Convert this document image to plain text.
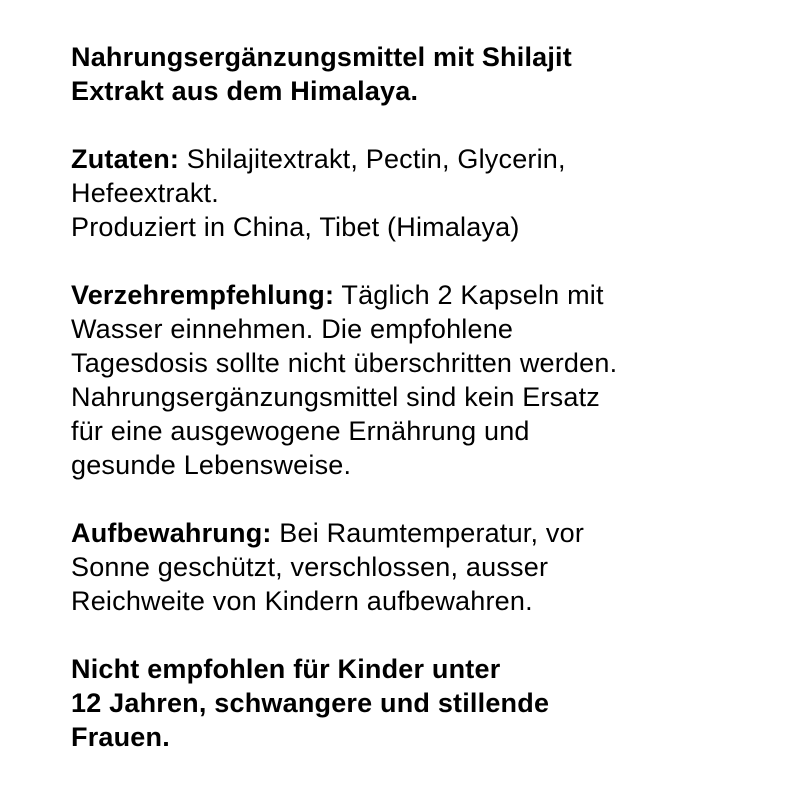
Nahrungsergänzungsmittel mit Shilajit
Extrakt aus dem Himalaya.

Zutaten: Shilajitextrakt, Pectin, Glycerin,
Hefeextrakt.
Produziert in China, Tibet (Himalaya)

Verzehrempfehlung: Täglich 2 Kapseln mit
Wasser einnehmen. Die empfohlene
Tagesdosis sollte nicht überschritten werden.
Nahrungsergänzungsmittel sind kein Ersatz
für eine ausgewogene Ernährung und
gesunde Lebensweise.

Aufbewahrung: Bei Raumtemperatur, vor
Sonne geschützt, verschlossen, ausser
Reichweite von Kindern aufbewahren.

Nicht empfohlen für Kinder unter
12 Jahren, schwangere und stillende
Frauen.
